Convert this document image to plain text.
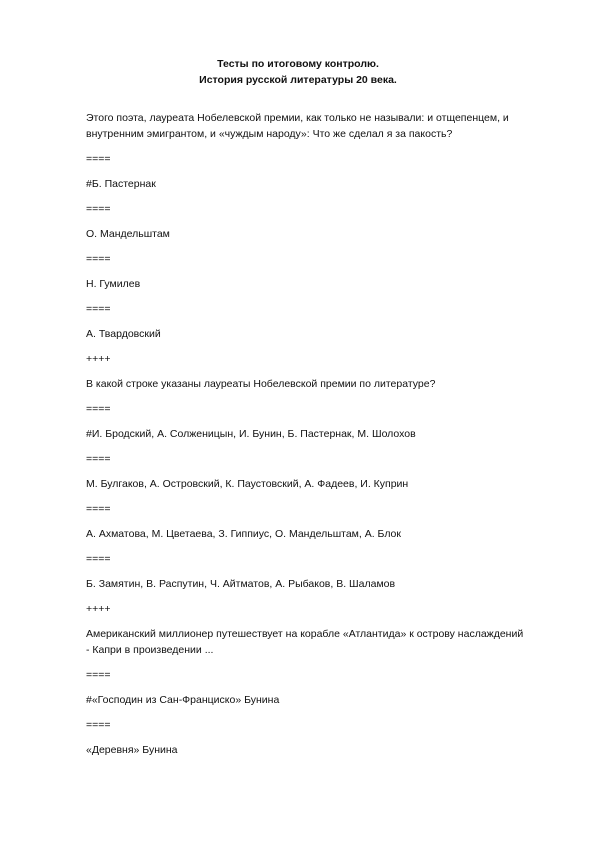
Тесты по итоговому контролю.
История русской литературы 20 века.

Этого поэта, лауреата Нобелевской премии, как только не называли: и отщепенцем, и внутренним эмигрантом, и «чуждым народу»: Что же сделал я за пакость?

====

#Б. Пастернак

====

О. Мандельштам

====

Н. Гумилев

====

А. Твардовский

++++

В какой строке указаны лауреаты Нобелевской премии по литературе?

====

#И. Бродский, А. Солженицын, И. Бунин, Б. Пастернак, М. Шолохов

====

М. Булгаков, А. Островский, К. Паустовский, А. Фадеев, И. Куприн

====

А. Ахматова, М. Цветаева, З. Гиппиус, О. Мандельштам, А. Блок

====

Б. Замятин, В. Распутин, Ч. Айтматов, А. Рыбаков, В. Шаламов

++++

Американский миллионер путешествует на корабле «Атлантида» к острову наслаждений - Капри в произведении ...

====

#«Господин из Сан-Франциско» Бунина

====

«Деревня» Бунина
